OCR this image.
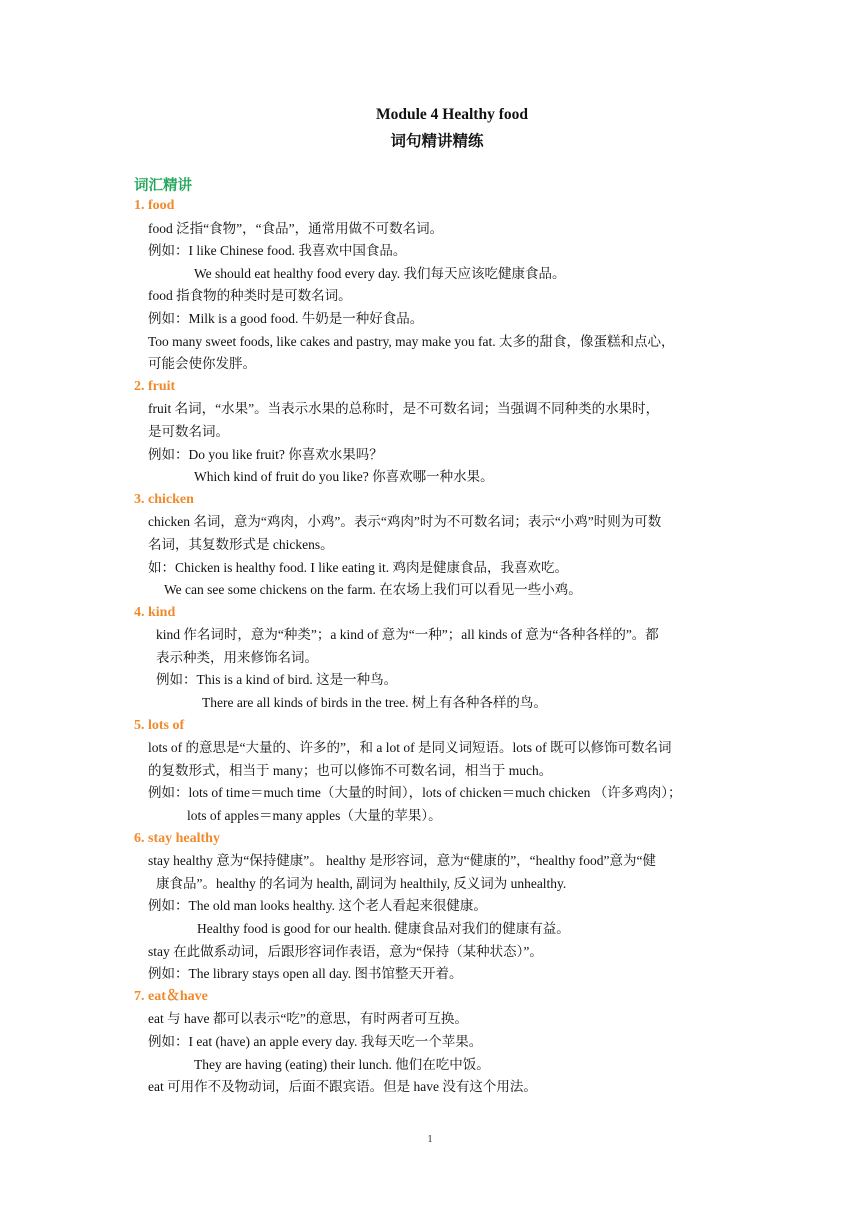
Module 4 Healthy food
词句精讲精练
词汇精讲
1. food
food 泛指“食物”，“食品”，通常用做不可数名词。
例如：I like Chinese food. 我喜欢中国食品。
We should eat healthy food every day. 我们每天应该吃健康食品。
food 指食物的种类时是可数名词。
例如：Milk is a good food. 牛奶是一种好食品。
Too many sweet foods, like cakes and pastry, may make you fat. 太多的甜食，像蛋糕和点心，
可能会使你发胖。
2. fruit
fruit 名词，“水果”。当表示水果的总称时，是不可数名词；当强调不同种类的水果时，
是可数名词。
例如：Do you like fruit? 你喜欢水果吗？
Which kind of fruit do you like? 你喜欢哪一种水果。
3. chicken
chicken 名词，意为“鸡肉，小鸡”。表示“鸡肉”时为不可数名词；表示“小鸡”时则为可数
名词，其复数形式是 chickens。
如：Chicken is healthy food. I like eating it. 鸡肉是健康食品，我喜欢吃。
We can see some chickens on the farm. 在农场上我们可以看见一些小鸡。
4. kind
kind 作名词时，意为“种类”；a kind of 意为“一种”；all kinds of 意为“各种各样的”。都
表示种类，用来修饰名词。
例如：This is a kind of bird. 这是一种鸟。
There are all kinds of birds in the tree. 树上有各种各样的鸟。
5. lots of
lots of 的意思是“大量的、许多的”，和 a lot of 是同义词短语。lots of 既可以修饰可数名词
的复数形式，相当于 many；也可以修饰不可数名词，相当于 much。
例如：lots of time＝much time（大量的时间），lots of chicken＝much chicken （许多鸡肉）；
lots of apples＝many apples（大量的苹果）。
6. stay healthy
stay healthy 意为“保持健康”。 healthy 是形容词，意为“健康的”，“healthy food”意为“健
康食品”。healthy 的名词为 health, 副词为 healthily, 反义词为 unhealthy.
例如：The old man looks healthy. 这个老人看起来很健康。
Healthy food is good for our health. 健康食品对我们的健康有益。
stay 在此做系动词，后跟形容词作表语，意为“保持（某种状态）”。
例如：The library stays open all day. 图书馆整天开着。
7. eat＆have
eat 与 have 都可以表示“吃”的意思，有时两者可互换。
例如：I eat (have) an apple every day. 我每天吃一个苹果。
They are having (eating) their lunch. 他们在吃中饭。
eat 可用作不及物动词，后面不跟宾语。但是 have 没有这个用法。
1
